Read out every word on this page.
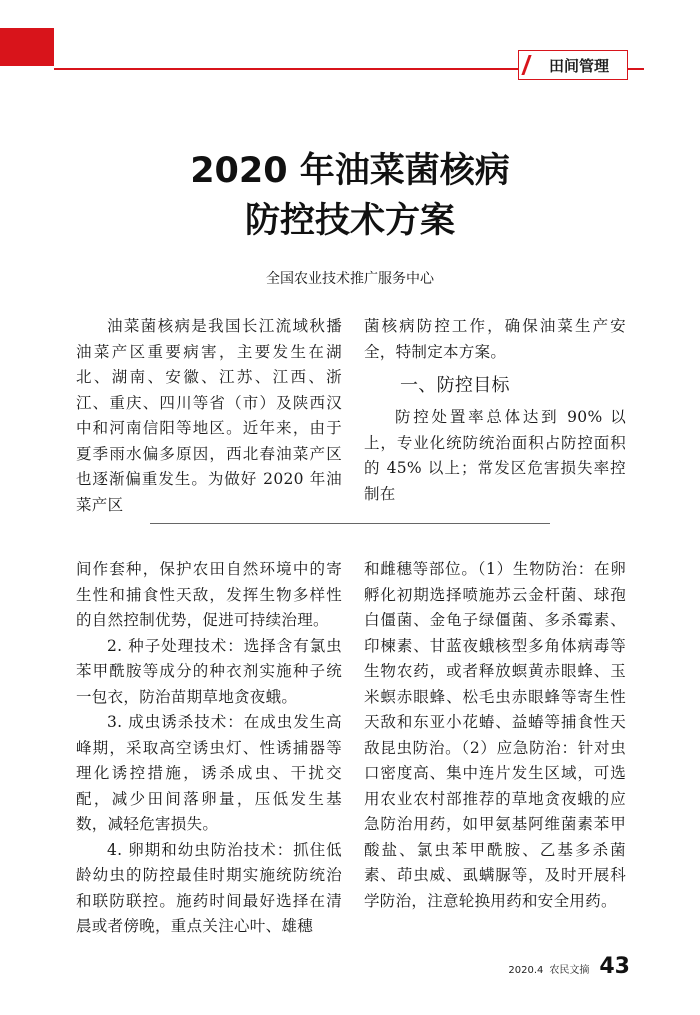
田间管理
2020 年油菜菌核病
防控技术方案
全国农业技术推广服务中心

油菜菌核病是我国长江流域秋播油菜产区重要病害，主要发生在湖北、湖南、安徽、江苏、江西、浙江、重庆、四川等省（市）及陕西汉中和河南信阳等地区。近年来，由于夏季雨水偏多原因，西北春油菜产区也逐渐偏重发生。为做好 2020 年油菜产区

菌核病防控工作，确保油菜生产安全，特制定本方案。

一、防控目标

防控处置率总体达到 90% 以上，专业化统防统治面积占防控面积的 45% 以上；常发区危害损失率控制在

间作套种，保护农田自然环境中的寄生性和捕食性天敌，发挥生物多样性的自然控制优势，促进可持续治理。

2. 种子处理技术：选择含有氯虫苯甲酰胺等成分的种衣剂实施种子统一包衣，防治苗期草地贪夜蛾。

3. 成虫诱杀技术：在成虫发生高峰期，采取高空诱虫灯、性诱捕器等理化诱控措施，诱杀成虫、干扰交配，减少田间落卵量，压低发生基数，减轻危害损失。

4. 卵期和幼虫防治技术：抓住低龄幼虫的防控最佳时期实施统防统治和联防联控。施药时间最好选择在清晨或者傍晚，重点关注心叶、雄穗

和雌穗等部位。（1）生物防治：在卵孵化初期选择喷施苏云金杆菌、球孢白僵菌、金龟子绿僵菌、多杀霉素、印楝素、甘蓝夜蛾核型多角体病毒等生物农药，或者释放螟黄赤眼蜂、玉米螟赤眼蜂、松毛虫赤眼蜂等寄生性天敌和东亚小花蝽、益蝽等捕食性天敌昆虫防治。（2）应急防治：针对虫口密度高、集中连片发生区域，可选用农业农村部推荐的草地贪夜蛾的应急防治用药，如甲氨基阿维菌素苯甲酸盐、氯虫苯甲酰胺、乙基多杀菌素、茚虫威、虱螨脲等，及时开展科学防治，注意轮换用药和安全用药。

2020.4 农民文摘 43
